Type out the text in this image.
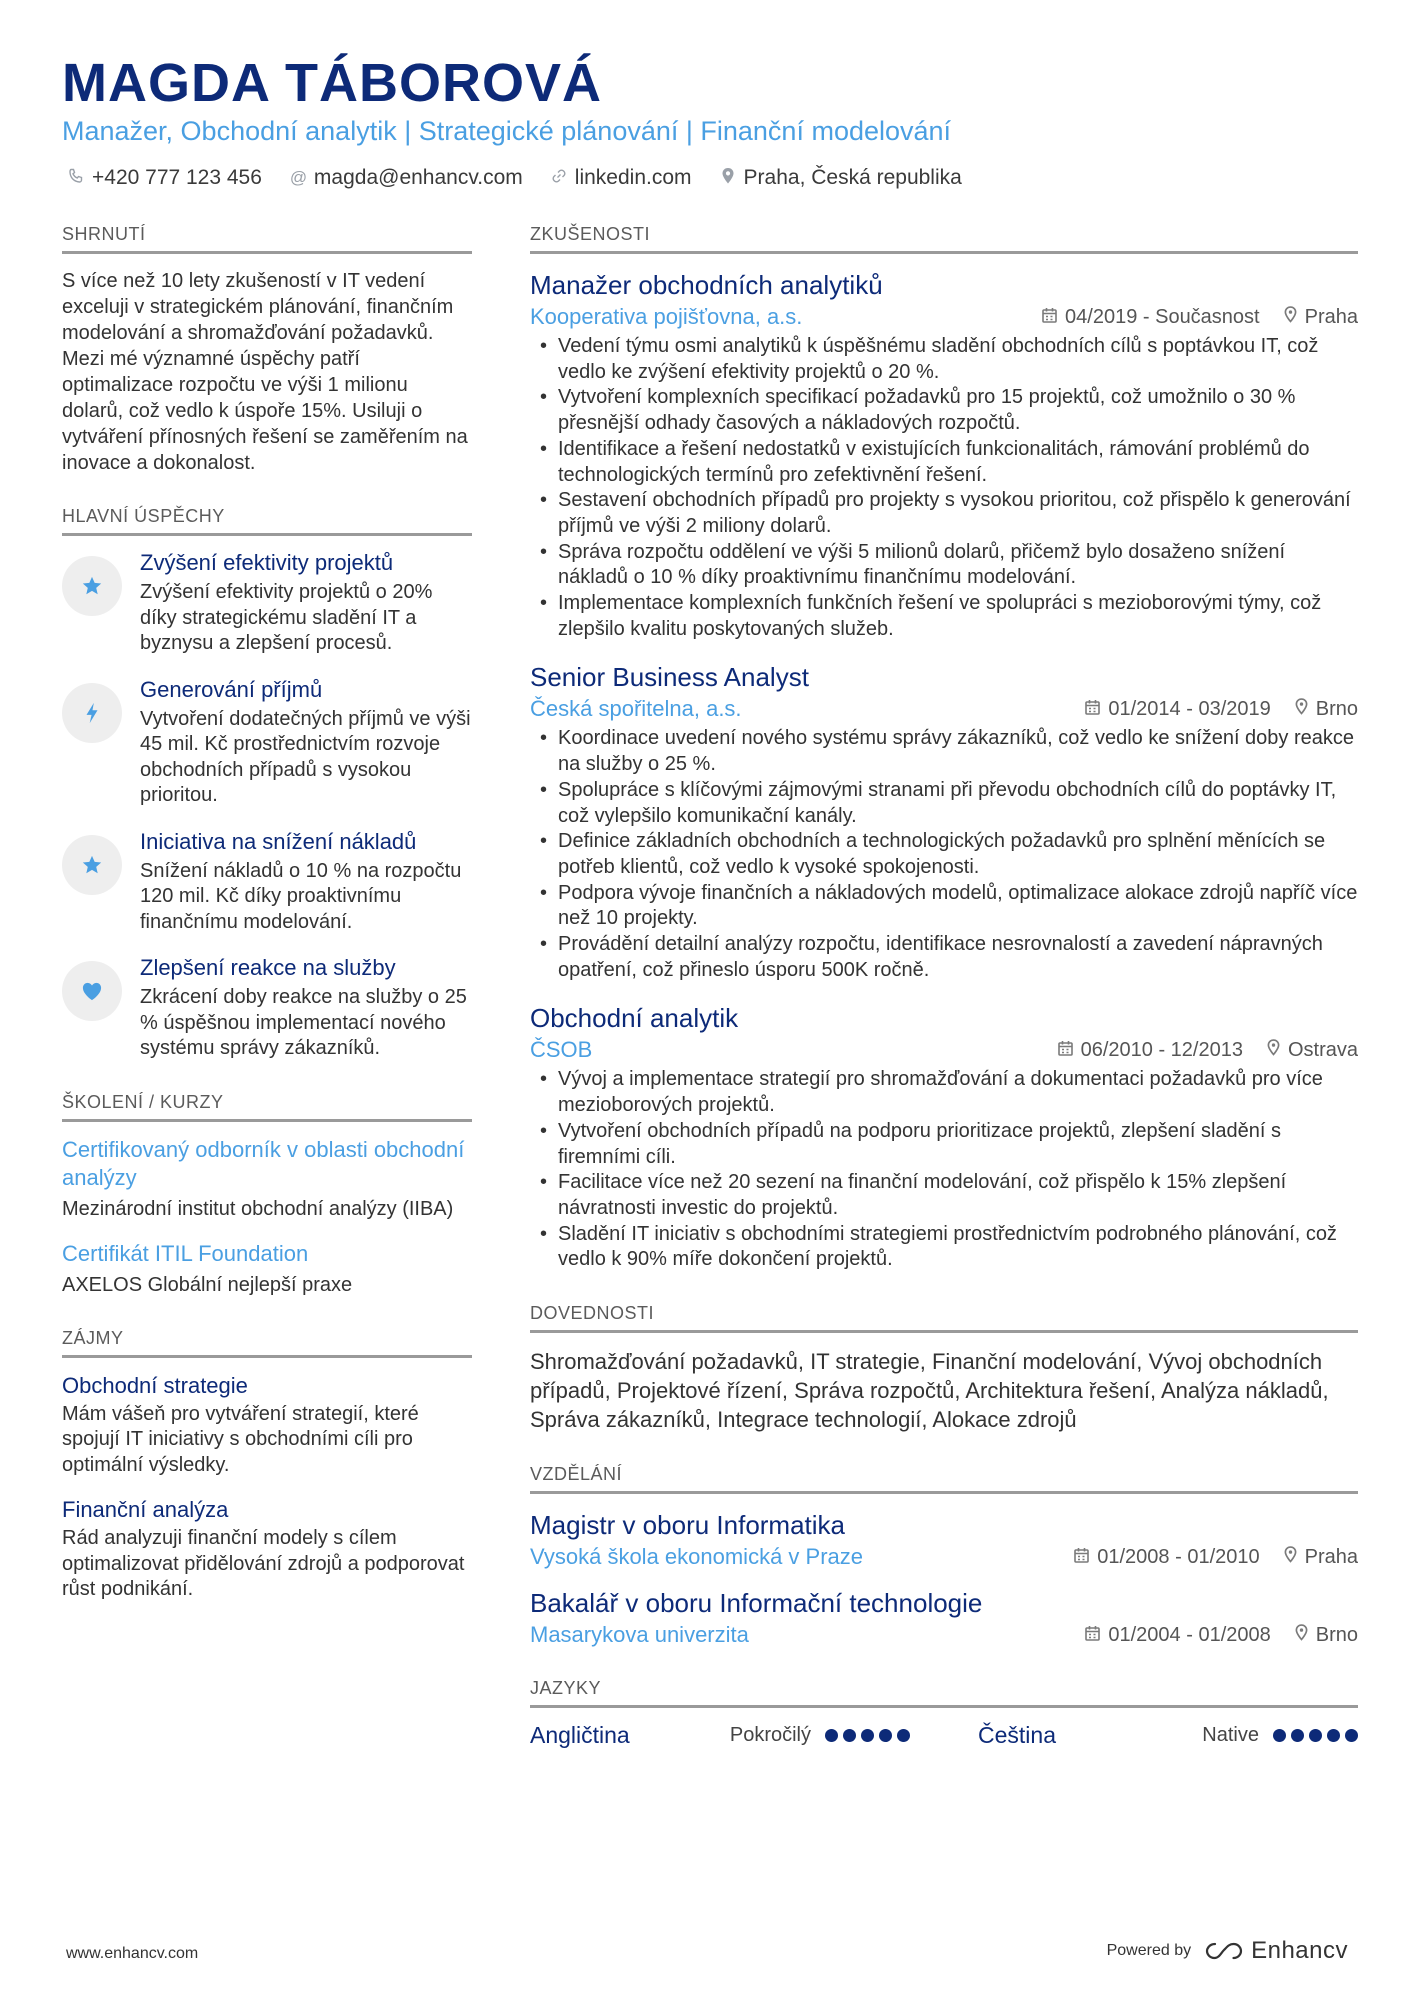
MAGDA TÁBOROVÁ
Manažer, Obchodní analytik | Strategické plánování | Finanční modelování
+420 777 123 456 @ magda@enhancv.com linkedin.com Praha, Česká republika
SHRNUTÍ
S více než 10 lety zkušeností v IT vedení exceluji v strategickém plánování, finančním modelování a shromažďování požadavků. Mezi mé významné úspěchy patří optimalizace rozpočtu ve výši 1 milionu dolarů, což vedlo k úspoře 15%. Usiluji o vytváření přínosných řešení se zaměřením na inovace a dokonalost.
HLAVNÍ ÚSPĚCHY
Zvýšení efektivity projektů
Zvýšení efektivity projektů o 20% díky strategickému sladění IT a byznysu a zlepšení procesů.
Generování příjmů
Vytvoření dodatečných příjmů ve výši 45 mil. Kč prostřednictvím rozvoje obchodních případů s vysokou prioritou.
Iniciativa na snížení nákladů
Snížení nákladů o 10 % na rozpočtu 120 mil. Kč díky proaktivnímu finančnímu modelování.
Zlepšení reakce na služby
Zkrácení doby reakce na služby o 25 % úspěšnou implementací nového systému správy zákazníků.
ŠKOLENÍ / KURZY
Certifikovaný odborník v oblasti obchodní analýzy
Mezinárodní institut obchodní analýzy (IIBA)
Certifikát ITIL Foundation
AXELOS Globální nejlepší praxe
ZÁJMY
Obchodní strategie
Mám vášeň pro vytváření strategií, které spojují IT iniciativy s obchodními cíli pro optimální výsledky.
Finanční analýza
Rád analyzuji finanční modely s cílem optimalizovat přidělování zdrojů a podporovat růst podnikání.
ZKUŠENOSTI
Manažer obchodních analytiků
Kooperativa pojišťovna, a.s.	04/2019 - Současnost Praha
• Vedení týmu osmi analytiků k úspěšnému sladění obchodních cílů s poptávkou IT, což vedlo ke zvýšení efektivity projektů o 20 %.
• Vytvoření komplexních specifikací požadavků pro 15 projektů, což umožnilo o 30 % přesnější odhady časových a nákladových rozpočtů.
• Identifikace a řešení nedostatků v existujících funkcionalitách, rámování problémů do technologických termínů pro zefektivnění řešení.
• Sestavení obchodních případů pro projekty s vysokou prioritou, což přispělo k generování příjmů ve výši 2 miliony dolarů.
• Správa rozpočtu oddělení ve výši 5 milionů dolarů, přičemž bylo dosaženo snížení nákladů o 10 % díky proaktivnímu finančnímu modelování.
• Implementace komplexních funkčních řešení ve spolupráci s mezioborovými týmy, což zlepšilo kvalitu poskytovaných služeb.
Senior Business Analyst
Česká spořitelna, a.s.	01/2014 - 03/2019 Brno
• Koordinace uvedení nového systému správy zákazníků, což vedlo ke snížení doby reakce na služby o 25 %.
• Spolupráce s klíčovými zájmovými stranami při převodu obchodních cílů do poptávky IT, což vylepšilo komunikační kanály.
• Definice základních obchodních a technologických požadavků pro splnění měnících se potřeb klientů, což vedlo k vysoké spokojenosti.
• Podpora vývoje finančních a nákladových modelů, optimalizace alokace zdrojů napříč více než 10 projekty.
• Provádění detailní analýzy rozpočtu, identifikace nesrovnalostí a zavedení nápravných opatření, což přineslo úsporu 500K ročně.
Obchodní analytik
ČSOB	06/2010 - 12/2013 Ostrava
• Vývoj a implementace strategií pro shromažďování a dokumentaci požadavků pro více mezioborových projektů.
• Vytvoření obchodních případů na podporu prioritizace projektů, zlepšení sladění s firemními cíli.
• Facilitace více než 20 sezení na finanční modelování, což přispělo k 15% zlepšení návratnosti investic do projektů.
• Sladění IT iniciativ s obchodními strategiemi prostřednictvím podrobného plánování, což vedlo k 90% míře dokončení projektů.
DOVEDNOSTI
Shromažďování požadavků, IT strategie, Finanční modelování, Vývoj obchodních případů, Projektové řízení, Správa rozpočtů, Architektura řešení, Analýza nákladů, Správa zákazníků, Integrace technologií, Alokace zdrojů
VZDĚLÁNÍ
Magistr v oboru Informatika
Vysoká škola ekonomická v Praze	01/2008 - 01/2010 Praha
Bakalář v oboru Informační technologie
Masarykova univerzita	01/2004 - 01/2008 Brno
JAZYKY
Angličtina	Pokročilý	Čeština	Native
www.enhancv.com	Powered by	Enhancv
